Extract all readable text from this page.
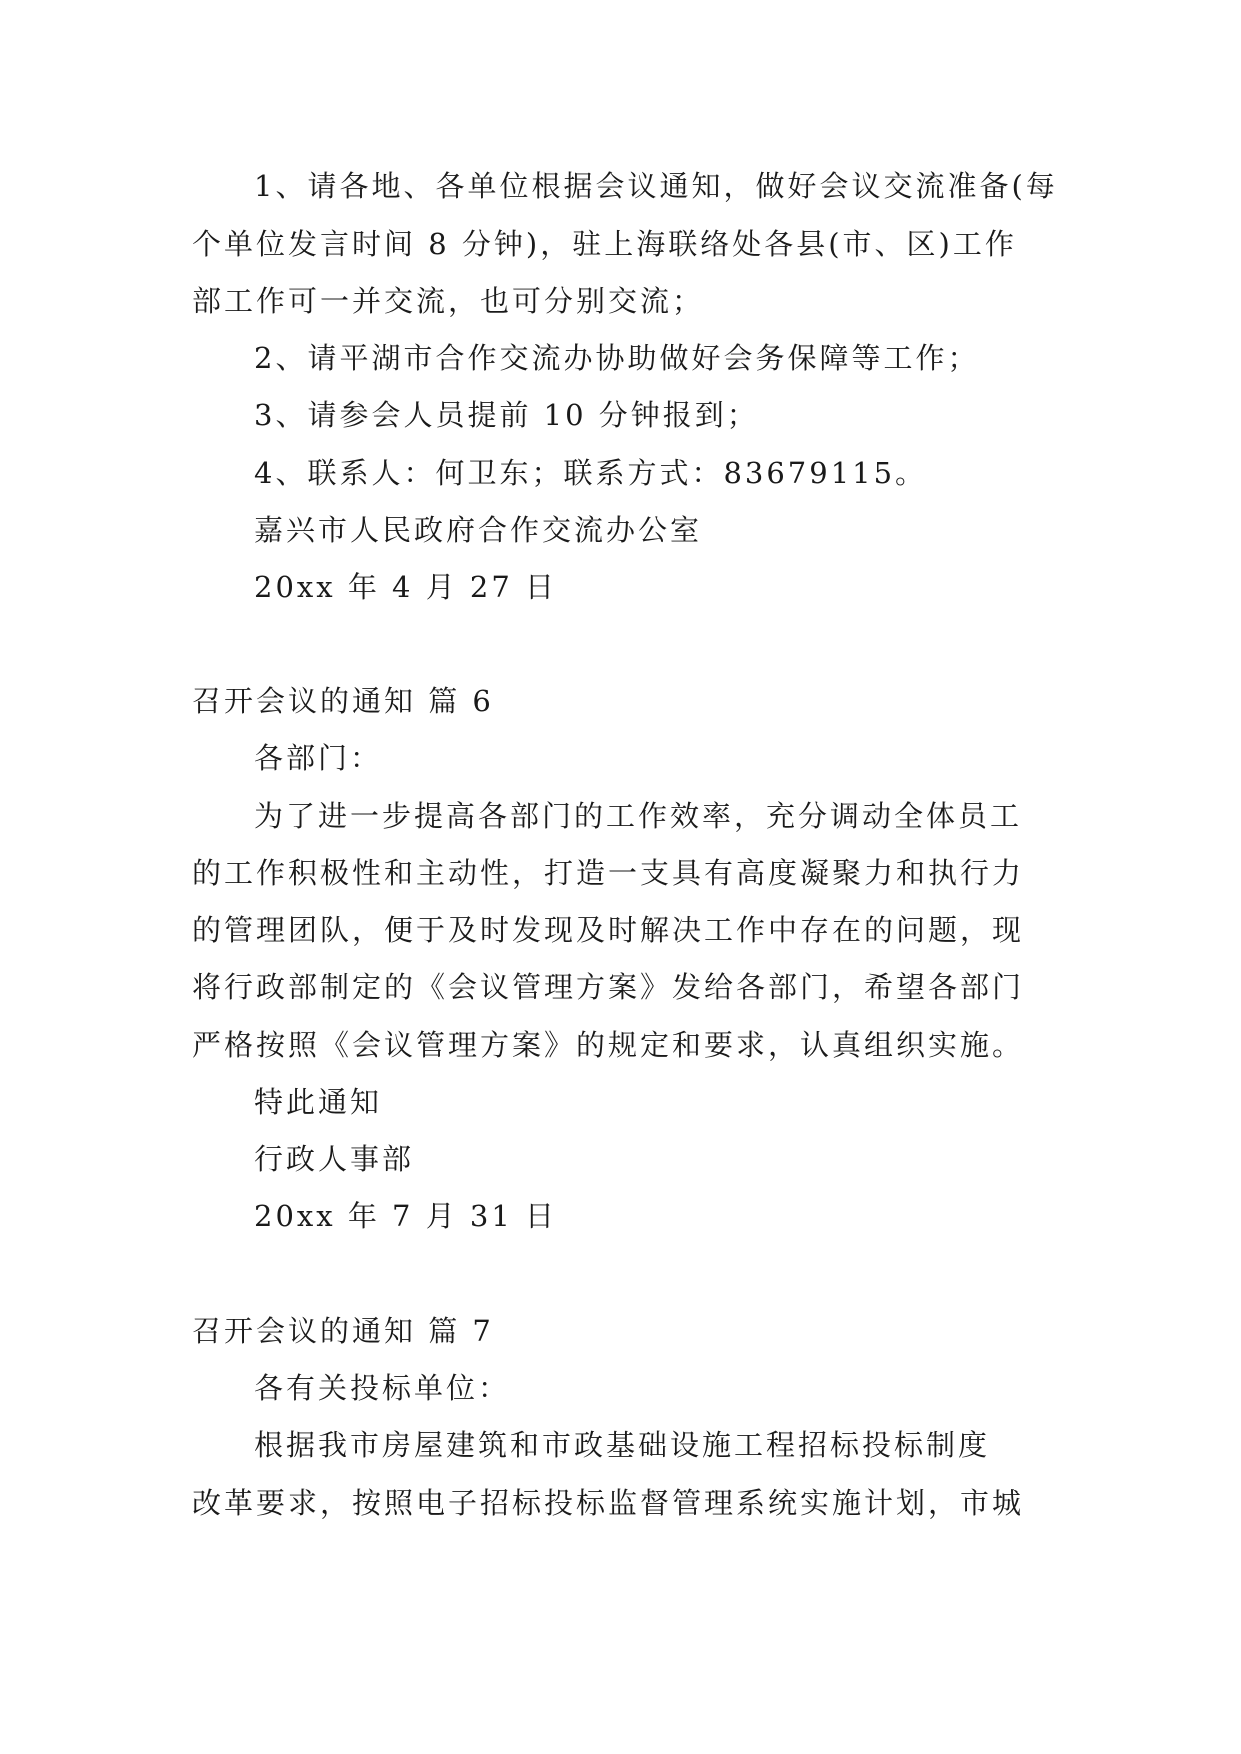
1、请各地、各单位根据会议通知，做好会议交流准备(每
个单位发言时间 8 分钟)，驻上海联络处各县(市、区)工作
部工作可一并交流，也可分别交流；
2、请平湖市合作交流办协助做好会务保障等工作；
3、请参会人员提前 10 分钟报到；
4、联系人：何卫东；联系方式：83679115。
嘉兴市人民政府合作交流办公室
20xx 年 4 月 27 日
召开会议的通知 篇 6
各部门：
为了进一步提高各部门的工作效率，充分调动全体员工
的工作积极性和主动性，打造一支具有高度凝聚力和执行力
的管理团队，便于及时发现及时解决工作中存在的问题，现
将行政部制定的《会议管理方案》发给各部门，希望各部门
严格按照《会议管理方案》的规定和要求，认真组织实施。
特此通知
行政人事部
20xx 年 7 月 31 日
召开会议的通知 篇 7
各有关投标单位：
根据我市房屋建筑和市政基础设施工程招标投标制度
改革要求，按照电子招标投标监督管理系统实施计划，市城
